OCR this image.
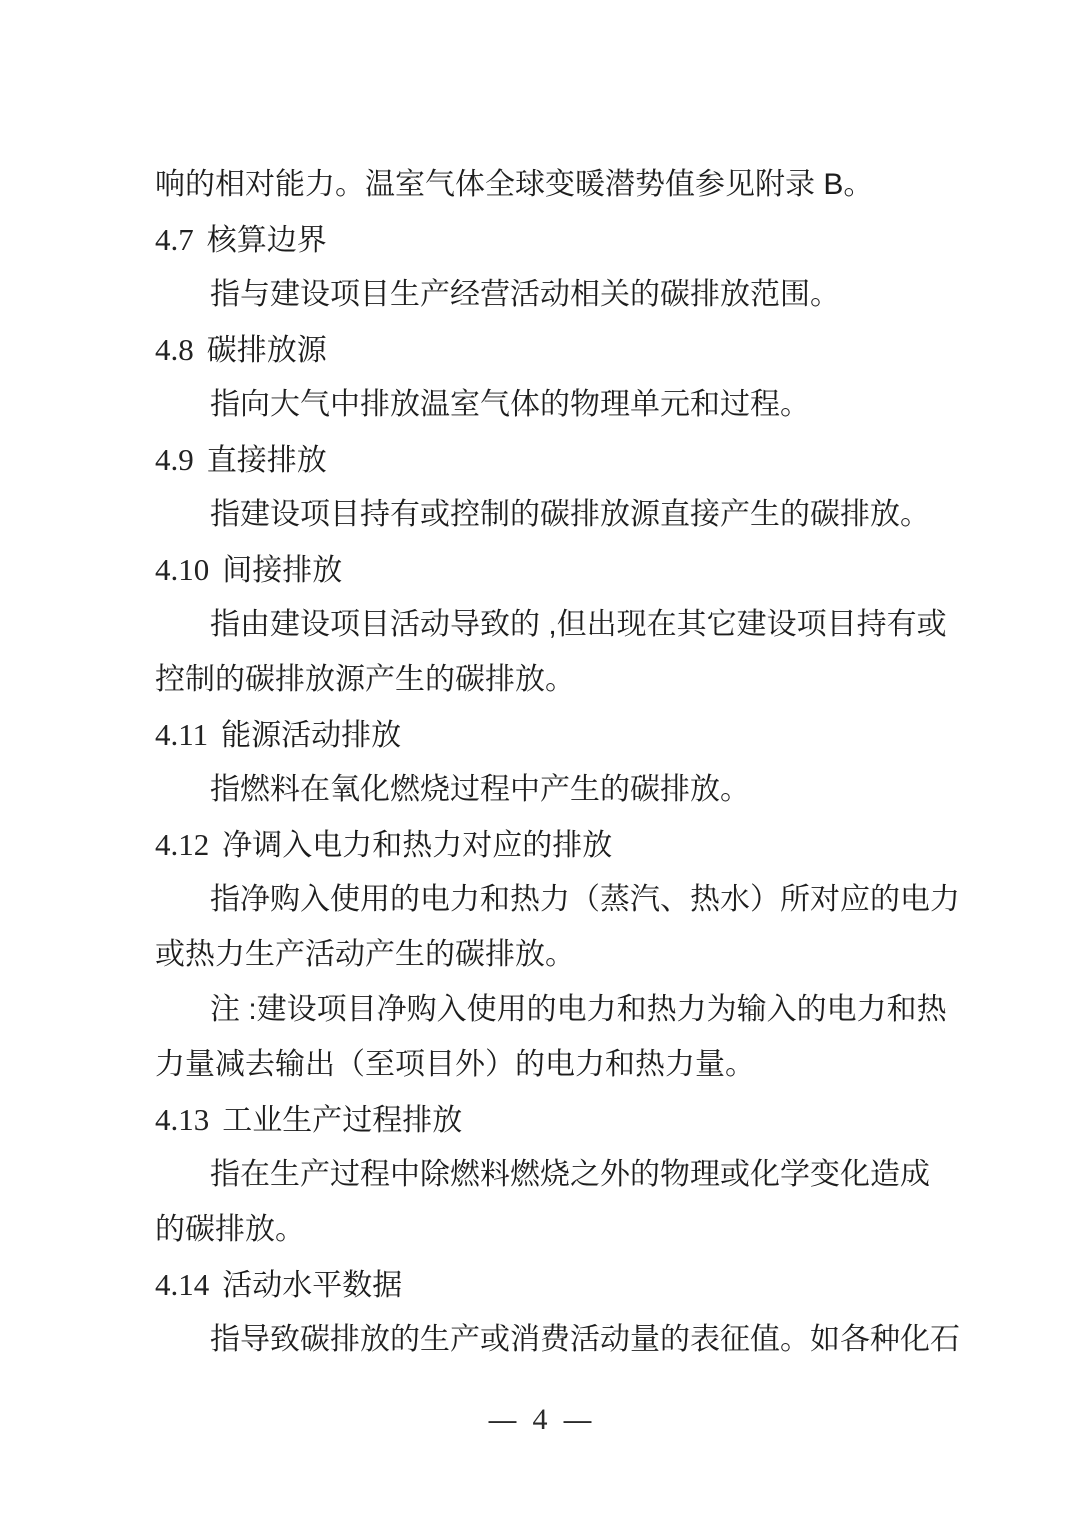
响的相对能力。温室气体全球变暖潜势值参见附录 B。
4.7 核算边界
指与建设项目生产经营活动相关的碳排放范围。
4.8 碳排放源
指向大气中排放温室气体的物理单元和过程。
4.9 直接排放
指建设项目持有或控制的碳排放源直接产生的碳排放。
4.10 间接排放
指由建设项目活动导致的 ,但出现在其它建设项目持有或
控制的碳排放源产生的碳排放。
4.11 能源活动排放
指燃料在氧化燃烧过程中产生的碳排放。
4.12 净调入电力和热力对应的排放
指净购入使用的电力和热力（蒸汽、热水）所对应的电力
或热力生产活动产生的碳排放。
注 :建设项目净购入使用的电力和热力为输入的电力和热
力量减去输出（至项目外）的电力和热力量。
4.13 工业生产过程排放
指在生产过程中除燃料燃烧之外的物理或化学变化造成
的碳排放。
4.14 活动水平数据
指导致碳排放的生产或消费活动量的表征值。如各种化石
— 4 —
